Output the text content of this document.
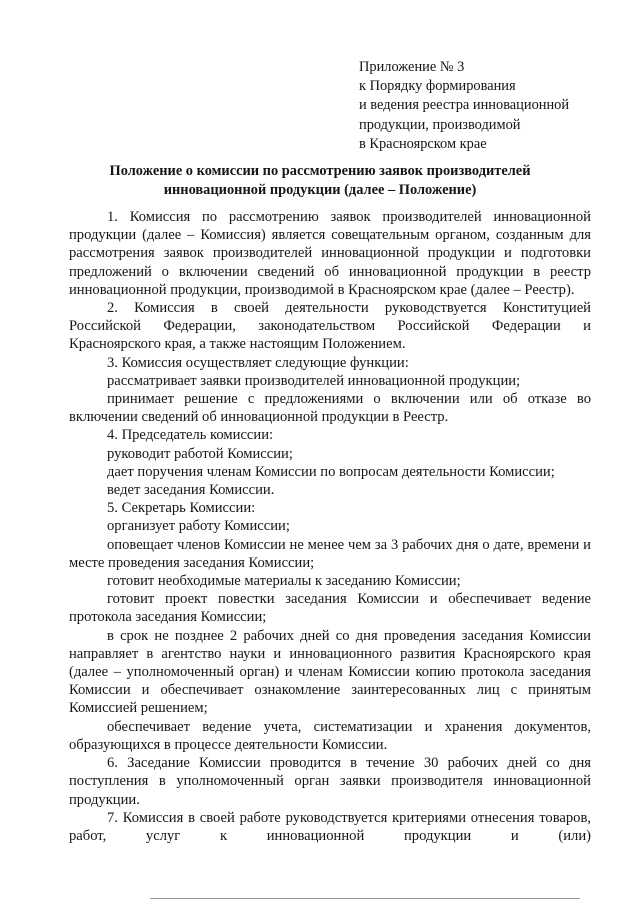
Приложение № 3
к Порядку формирования
и ведения реестра инновационной
продукции, производимой
в Красноярском крае
Положение о комиссии по рассмотрению заявок производителей
инновационной продукции (далее – Положение)

1. Комиссия по рассмотрению заявок производителей инновационной продукции (далее – Комиссия) является совещательным органом, созданным для рассмотрения заявок производителей инновационной продукции и подготовки предложений о включении сведений об инновационной продукции в реестр инновационной продукции, производимой в Красноярском крае (далее – Реестр).

2. Комиссия в своей деятельности руководствуется Конституцией Российской Федерации, законодательством Российской Федерации и Красноярского края, а также настоящим Положением.

3. Комиссия осуществляет следующие функции:

рассматривает заявки производителей инновационной продукции;

принимает решение с предложениями о включении или об отказе во включении сведений об инновационной продукции в Реестр.

4. Председатель комиссии:

руководит работой Комиссии;

дает поручения членам Комиссии по вопросам деятельности Комиссии;

ведет заседания Комиссии.

5. Секретарь Комиссии:

организует работу Комиссии;

оповещает членов Комиссии не менее чем за 3 рабочих дня о дате, времени и месте проведения заседания Комиссии;

готовит необходимые материалы к заседанию Комиссии;

готовит проект повестки заседания Комиссии и обеспечивает ведение протокола заседания Комиссии;

в срок не позднее 2 рабочих дней со дня проведения заседания Комиссии направляет в агентство науки и инновационного развития Красноярского края (далее – уполномоченный орган) и членам Комиссии копию протокола заседания Комиссии и обеспечивает ознакомление заинтересованных лиц с принятым Комиссией решением;

обеспечивает ведение учета, систематизации и хранения документов, образующихся в процессе деятельности Комиссии.

6. Заседание Комиссии проводится в течение 30 рабочих дней со дня поступления в уполномоченный орган заявки производителя инновационной продукции.

7. Комиссия в своей работе руководствуется критериями отнесения товаров, работ, услуг к инновационной продукции и (или)
